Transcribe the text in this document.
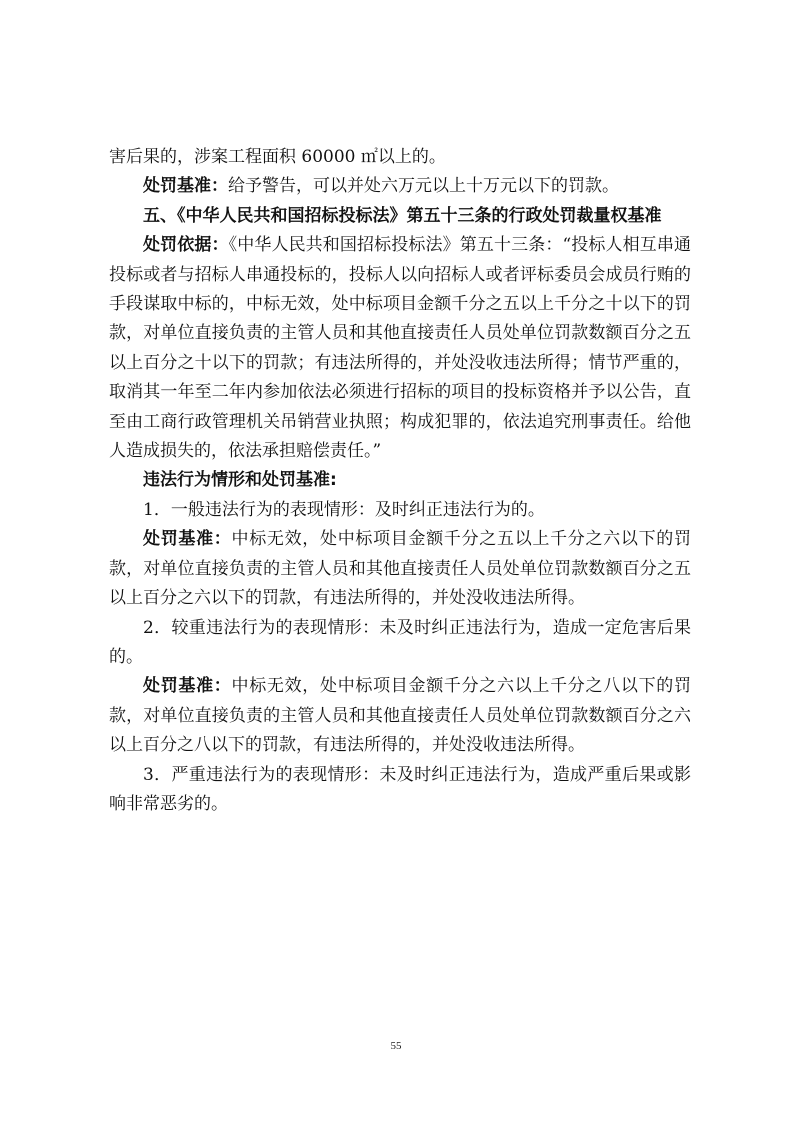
害后果的，涉案工程面积 60000 ㎡以上的。

处罚基准：给予警告，可以并处六万元以上十万元以下的罚款。

五、《中华人民共和国招标投标法》第五十三条的行政处罚裁量权基准

处罚依据：《中华人民共和国招标投标法》第五十三条：“投标人相互串通投标或者与招标人串通投标的，投标人以向招标人或者评标委员会成员行贿的手段谋取中标的，中标无效，处中标项目金额千分之五以上千分之十以下的罚款，对单位直接负责的主管人员和其他直接责任人员处单位罚款数额百分之五以上百分之十以下的罚款；有违法所得的，并处没收违法所得；情节严重的，取消其一年至二年内参加依法必须进行招标的项目的投标资格并予以公告，直至由工商行政管理机关吊销营业执照；构成犯罪的，依法追究刑事责任。给他人造成损失的，依法承担赔偿责任。”

违法行为情形和处罚基准:

1．一般违法行为的表现情形：及时纠正违法行为的。

处罚基准：中标无效，处中标项目金额千分之五以上千分之六以下的罚款，对单位直接负责的主管人员和其他直接责任人员处单位罚款数额百分之五以上百分之六以下的罚款，有违法所得的，并处没收违法所得。

2．较重违法行为的表现情形：未及时纠正违法行为，造成一定危害后果的。

处罚基准：中标无效，处中标项目金额千分之六以上千分之八以下的罚款，对单位直接负责的主管人员和其他直接责任人员处单位罚款数额百分之六以上百分之八以下的罚款，有违法所得的，并处没收违法所得。

3．严重违法行为的表现情形：未及时纠正违法行为，造成严重后果或影响非常恶劣的。

55
